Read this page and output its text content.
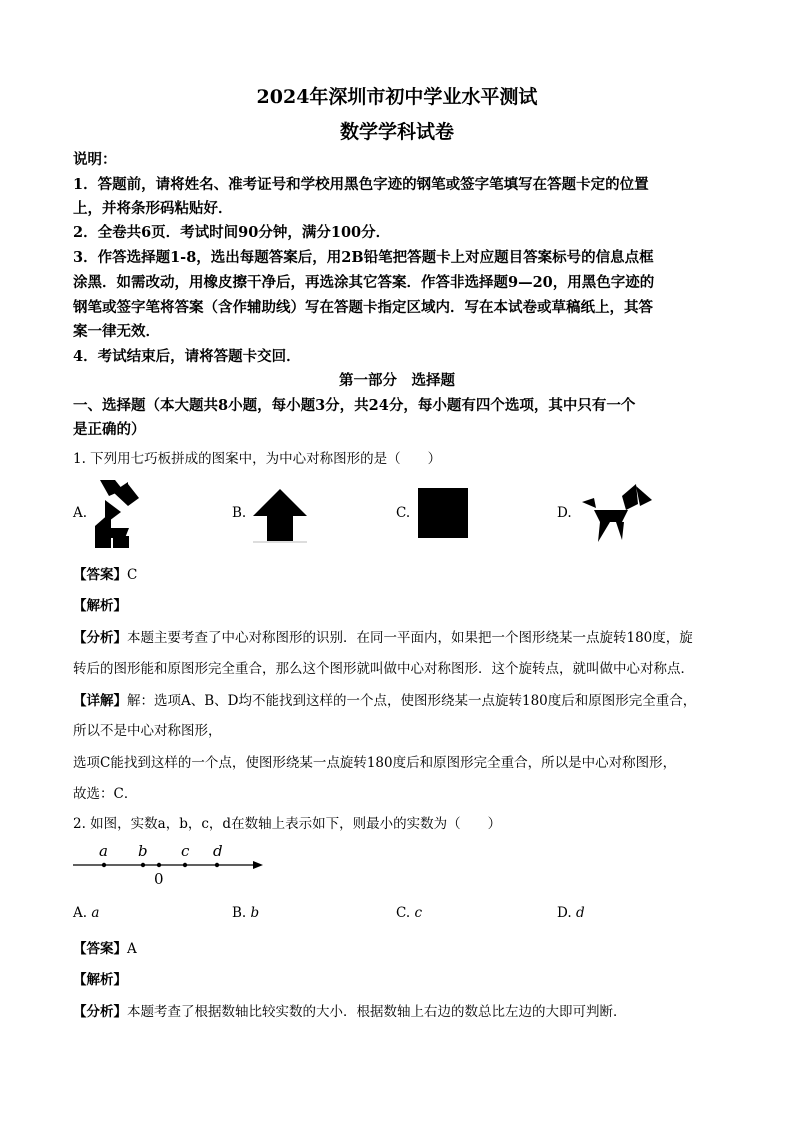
2024年深圳市初中学业水平测试
数学学科试卷
说明：
1．答题前，请将姓名、准考证号和学校用黑色字迹的钢笔或签字笔填写在答题卡定的位置
上，并将条形码粘贴好．
2．全卷共6页．考试时间90分钟，满分100分．
3．作答选择题1-8，选出每题答案后，用2B铅笔把答题卡上对应题目答案标号的信息点框
涂黑．如需改动，用橡皮擦干净后，再选涂其它答案．作答非选择题9—20，用黑色字迹的
钢笔或签字笔将答案（含作辅助线）写在答题卡指定区域内．写在本试卷或草稿纸上，其答
案一律无效．
4．考试结束后，请将答题卡交回．
第一部分　选择题
一、选择题（本大题共8小题，每小题3分，共24分，每小题有四个选项，其中只有一个
是正确的）
1. 下列用七巧板拼成的图案中，为中心对称图形的是（　　）
A.	B.	C.	D.
【答案】C
【解析】
【分析】本题主要考查了中心对称图形的识别．在同一平面内，如果把一个图形绕某一点旋转180度，旋
转后的图形能和原图形完全重合，那么这个图形就叫做中心对称图形．这个旋转点，就叫做中心对称点．
【详解】解：选项A、B、D均不能找到这样的一个点，使图形绕某一点旋转180度后和原图形完全重合，
所以不是中心对称图形，
选项C能找到这样的一个点，使图形绕某一点旋转180度后和原图形完全重合，所以是中心对称图形，
故选：C．
2. 如图，实数a，b，c，d在数轴上表示如下，则最小的实数为（　　）
a b c d
0
A. a	B. b	C. c	D. d
【答案】A
【解析】
【分析】本题考查了根据数轴比较实数的大小．根据数轴上右边的数总比左边的大即可判断．
